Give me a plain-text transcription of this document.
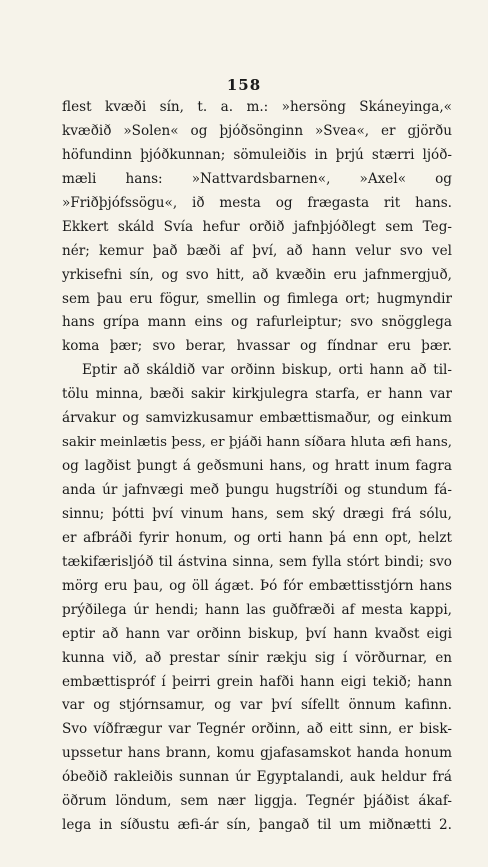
158
flest kvæði sín, t. a. m.: »hersöng Skáneyinga,«
kvæðið »Solen« og þjóðsönginn »Svea«, er gjörðu
höfundinn þjóðkunnan; sömuleiðis in þrjú stærri ljóð-
mæli hans: »Nattvardsbarnen«, »Axel« og
»Friðþjófssögu«, ið mesta og frægasta rit hans.
Ekkert skáld Svía hefur orðið jafnþjóðlegt sem Teg-
nér; kemur það bæði af því, að hann velur svo vel
yrkisefni sín, og svo hitt, að kvæðin eru jafnmergjuð,
sem þau eru fögur, smellin og fimlega ort; hugmyndir
hans grípa mann eins og rafurleiptur; svo snögglega
koma þær; svo berar, hvassar og fíndnar eru þær.
Eptir að skáldið var orðinn biskup, orti hann að til-
tölu minna, bæði sakir kirkjulegra starfa, er hann var
árvakur og samvizkusamur embættismaður, og einkum
sakir meinlætis þess, er þjáði hann síðara hluta æfi hans,
og lagðist þungt á geðsmuni hans, og hratt inum fagra
anda úr jafnvægi með þungu hugstríði og stundum fá-
sinnu; þótti því vinum hans, sem ský drægi frá sólu,
er afbráði fyrir honum, og orti hann þá enn opt, helzt
tækifærisljóð til ástvina sinna, sem fylla stórt bindi; svo
mörg eru þau, og öll ágæt. Þó fór embættisstjórn hans
prýðilega úr hendi; hann las guðfræði af mesta kappi,
eptir að hann var orðinn biskup, því hann kvaðst eigi
kunna við, að prestar sínir rækju sig í vörðurnar, en
embættispróf í þeirri grein hafði hann eigi tekið; hann
var og stjórnsamur, og var því sífellt önnum kafinn.
Svo víðfrægur var Tegnér orðinn, að eitt sinn, er bisk-
upssetur hans brann, komu gjafasamskot handa honum
óbeðið rakleiðis sunnan úr Egyptalandi, auk heldur frá
öðrum löndum, sem nær liggja. Tegnér þjáðist ákaf-
lega in síðustu æfi-ár sín, þangað til um miðnætti 2.
